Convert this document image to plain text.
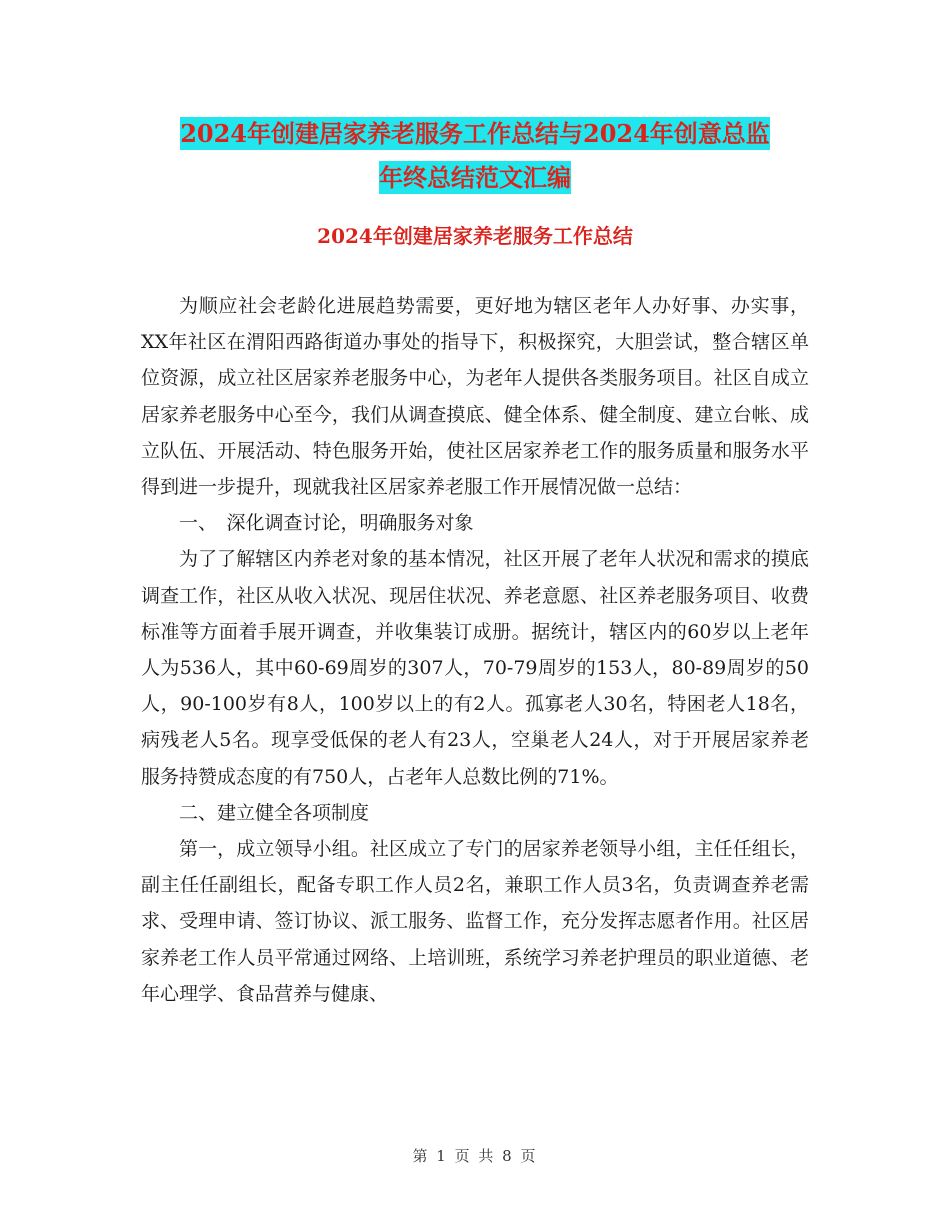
2024年创建居家养老服务工作总结与2024年创意总监
年终总结范文汇编
2024年创建居家养老服务工作总结

为顺应社会老龄化进展趋势需要，更好地为辖区老年人办好事、办实事，XX年社区在渭阳西路街道办事处的指导下，积极探究，大胆尝试，整合辖区单位资源，成立社区居家养老服务中心，为老年人提供各类服务项目。社区自成立居家养老服务中心至今，我们从调查摸底、健全体系、健全制度、建立台帐、成立队伍、开展活动、特色服务开始，使社区居家养老工作的服务质量和服务水平得到进一步提升，现就我社区居家养老服工作开展情况做一总结：

一、　深化调查讨论，明确服务对象

为了了解辖区内养老对象的基本情况，社区开展了老年人状况和需求的摸底调查工作，社区从收入状况、现居住状况、养老意愿、社区养老服务项目、收费标准等方面着手展开调查，并收集装订成册。据统计，辖区内的60岁以上老年人为536人，其中60-69周岁的307人，70-79周岁的153人，80-89周岁的50人，90-100岁有8人，100岁以上的有2人。孤寡老人30名，特困老人18名，病残老人5名。现享受低保的老人有23人，空巢老人24人，对于开展居家养老服务持赞成态度的有750人，占老年人总数比例的71%。

二、建立健全各项制度

第一，成立领导小组。社区成立了专门的居家养老领导小组，主任任组长，副主任任副组长，配备专职工作人员2名，兼职工作人员3名，负责调查养老需求、受理申请、签订协议、派工服务、监督工作，充分发挥志愿者作用。社区居家养老工作人员平常通过网络、上培训班，系统学习养老护理员的职业道德、老年心理学、食品营养与健康、

第 1 页 共 8 页
